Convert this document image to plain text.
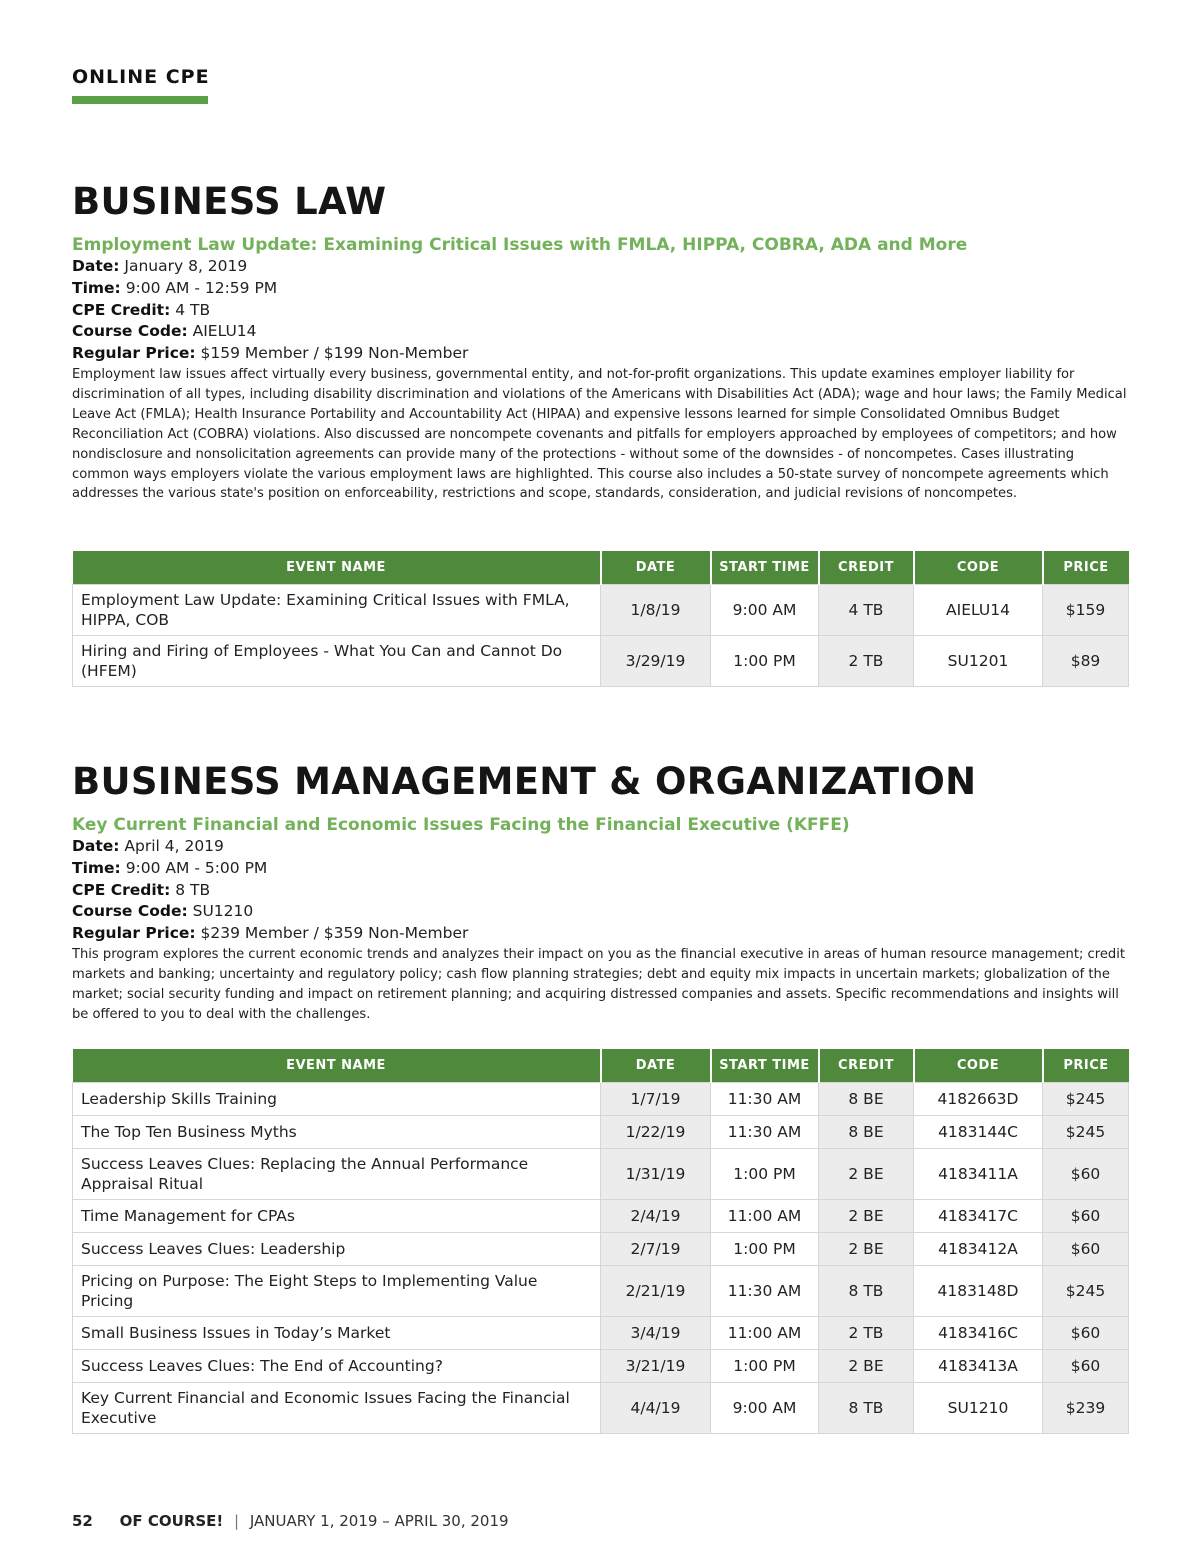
ONLINE CPE
BUSINESS LAW
Employment Law Update: Examining Critical Issues with FMLA, HIPPA, COBRA, ADA and More
Date: January 8, 2019
Time: 9:00 AM - 12:59 PM
CPE Credit: 4 TB
Course Code: AIELU14
Regular Price: $159 Member / $199 Non-Member
Employment law issues affect virtually every business, governmental entity, and not-for-profit organizations. This update examines employer liability for discrimination of all types, including disability discrimination and violations of the Americans with Disabilities Act (ADA); wage and hour laws; the Family Medical Leave Act (FMLA); Health Insurance Portability and Accountability Act (HIPAA) and expensive lessons learned for simple Consolidated Omnibus Budget Reconciliation Act (COBRA) violations. Also discussed are noncompete covenants and pitfalls for employers approached by employees of competitors; and how nondisclosure and nonsolicitation agreements can provide many of the protections - without some of the downsides - of noncompetes. Cases illustrating common ways employers violate the various employment laws are highlighted. This course also includes a 50-state survey of noncompete agreements which addresses the various state's position on enforceability, restrictions and scope, standards, consideration, and judicial revisions of noncompetes.
EVENT NAME	DATE	START TIME	CREDIT	CODE	PRICE
Employment Law Update: Examining Critical Issues with FMLA, HIPPA, COB	1/8/19	9:00 AM	4 TB	AIELU14	$159
Hiring and Firing of Employees - What You Can and Cannot Do (HFEM)	3/29/19	1:00 PM	2 TB	SU1201	$89
BUSINESS MANAGEMENT & ORGANIZATION
Key Current Financial and Economic Issues Facing the Financial Executive (KFFE)
Date: April 4, 2019
Time: 9:00 AM - 5:00 PM
CPE Credit: 8 TB
Course Code: SU1210
Regular Price: $239 Member / $359 Non-Member
This program explores the current economic trends and analyzes their impact on you as the financial executive in areas of human resource management; credit markets and banking; uncertainty and regulatory policy; cash flow planning strategies; debt and equity mix impacts in uncertain markets; globalization of the market; social security funding and impact on retirement planning; and acquiring distressed companies and assets. Specific recommendations and insights will be offered to you to deal with the challenges.
EVENT NAME	DATE	START TIME	CREDIT	CODE	PRICE
Leadership Skills Training	1/7/19	11:30 AM	8 BE	4182663D	$245
The Top Ten Business Myths	1/22/19	11:30 AM	8 BE	4183144C	$245
Success Leaves Clues: Replacing the Annual Performance Appraisal Ritual	1/31/19	1:00 PM	2 BE	4183411A	$60
Time Management for CPAs	2/4/19	11:00 AM	2 BE	4183417C	$60
Success Leaves Clues: Leadership	2/7/19	1:00 PM	2 BE	4183412A	$60
Pricing on Purpose: The Eight Steps to Implementing Value Pricing	2/21/19	11:30 AM	8 TB	4183148D	$245
Small Business Issues in Today’s Market	3/4/19	11:00 AM	2 TB	4183416C	$60
Success Leaves Clues: The End of Accounting?	3/21/19	1:00 PM	2 BE	4183413A	$60
Key Current Financial and Economic Issues Facing the Financial Executive	4/4/19	9:00 AM	8 TB	SU1210	$239
52 OF COURSE! | JANUARY 1, 2019 – APRIL 30, 2019
